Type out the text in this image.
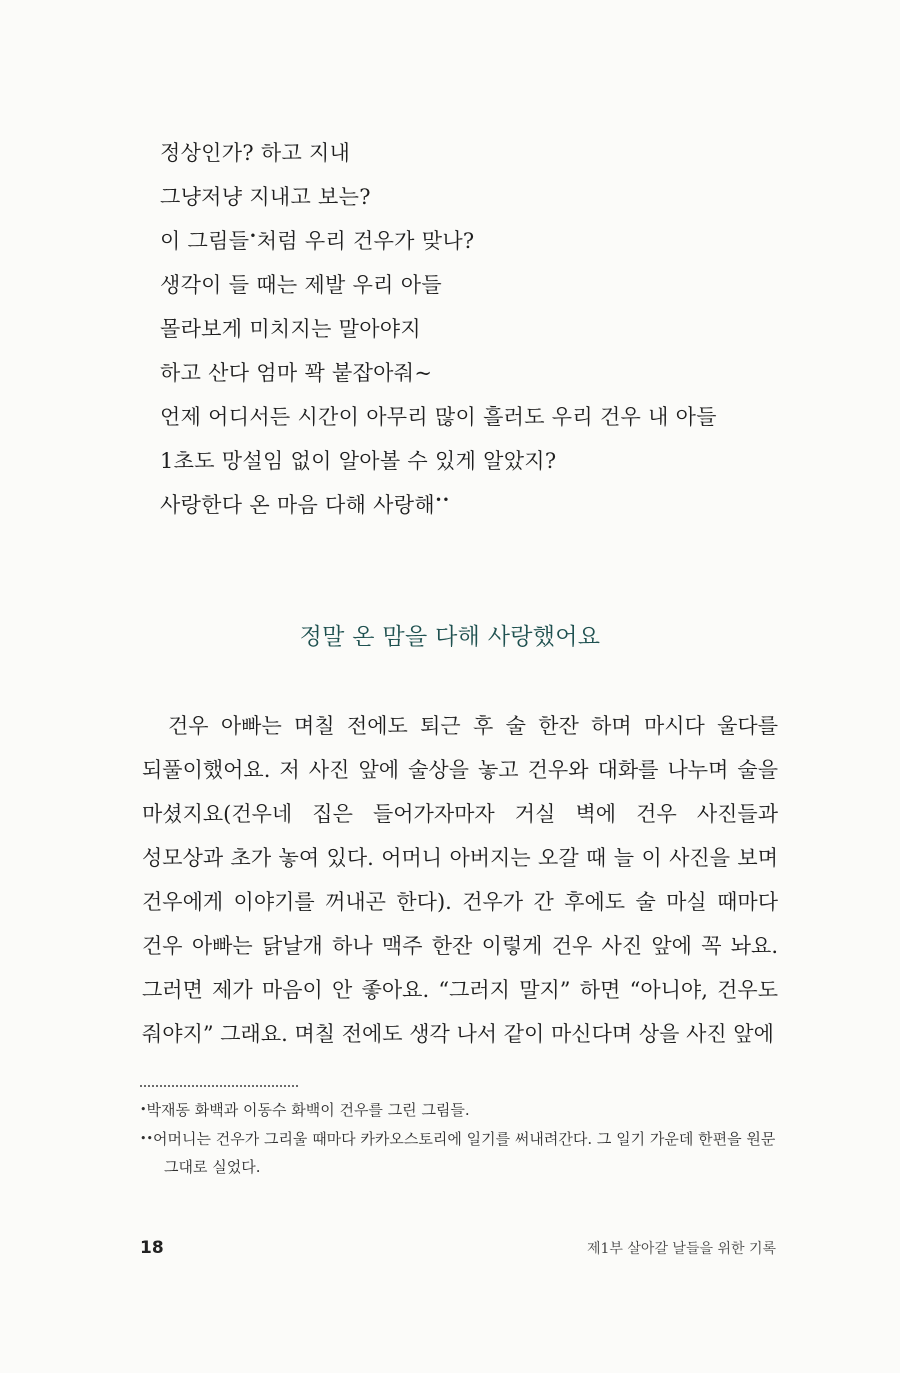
정상인가? 하고 지내
그냥저냥 지내고 보는?
이 그림들•처럼 우리 건우가 맞나?
생각이 들 때는 제발 우리 아들
몰라보게 미치지는 말아야지
하고 산다 엄마 꽉 붙잡아줘~
언제 어디서든 시간이 아무리 많이 흘러도 우리 건우 내 아들
1초도 망설임 없이 알아볼 수 있게 알았지?
사랑한다 온 마음 다해 사랑해••
정말 온 맘을 다해 사랑했어요

건우 아빠는 며칠 전에도 퇴근 후 술 한잔 하며 마시다 울다를 되풀이했어요. 저 사진 앞에 술상을 놓고 건우와 대화를 나누며 술을 마셨지요(건우네 집은 들어가자마자 거실 벽에 건우 사진들과 성모상과 초가 놓여 있다. 어머니 아버지는 오갈 때 늘 이 사진을 보며 건우에게 이야기를 꺼내곤 한다). 건우가 간 후에도 술 마실 때마다 건우 아빠는 닭날개 하나 맥주 한잔 이렇게 건우 사진 앞에 꼭 놔요. 그러면 제가 마음이 안 좋아요. “그러지 말지” 하면 “아니야, 건우도 줘야지” 그래요. 며칠 전에도 생각 나서 같이 마신다며 상을 사진 앞에

•박재동 화백과 이동수 화백이 건우를 그린 그림들.
••어머니는 건우가 그리울 때마다 카카오스토리에 일기를 써내려간다. 그 일기 가운데 한편을 원문 그대로 실었다.
18	제1부 살아갈 날들을 위한 기록
